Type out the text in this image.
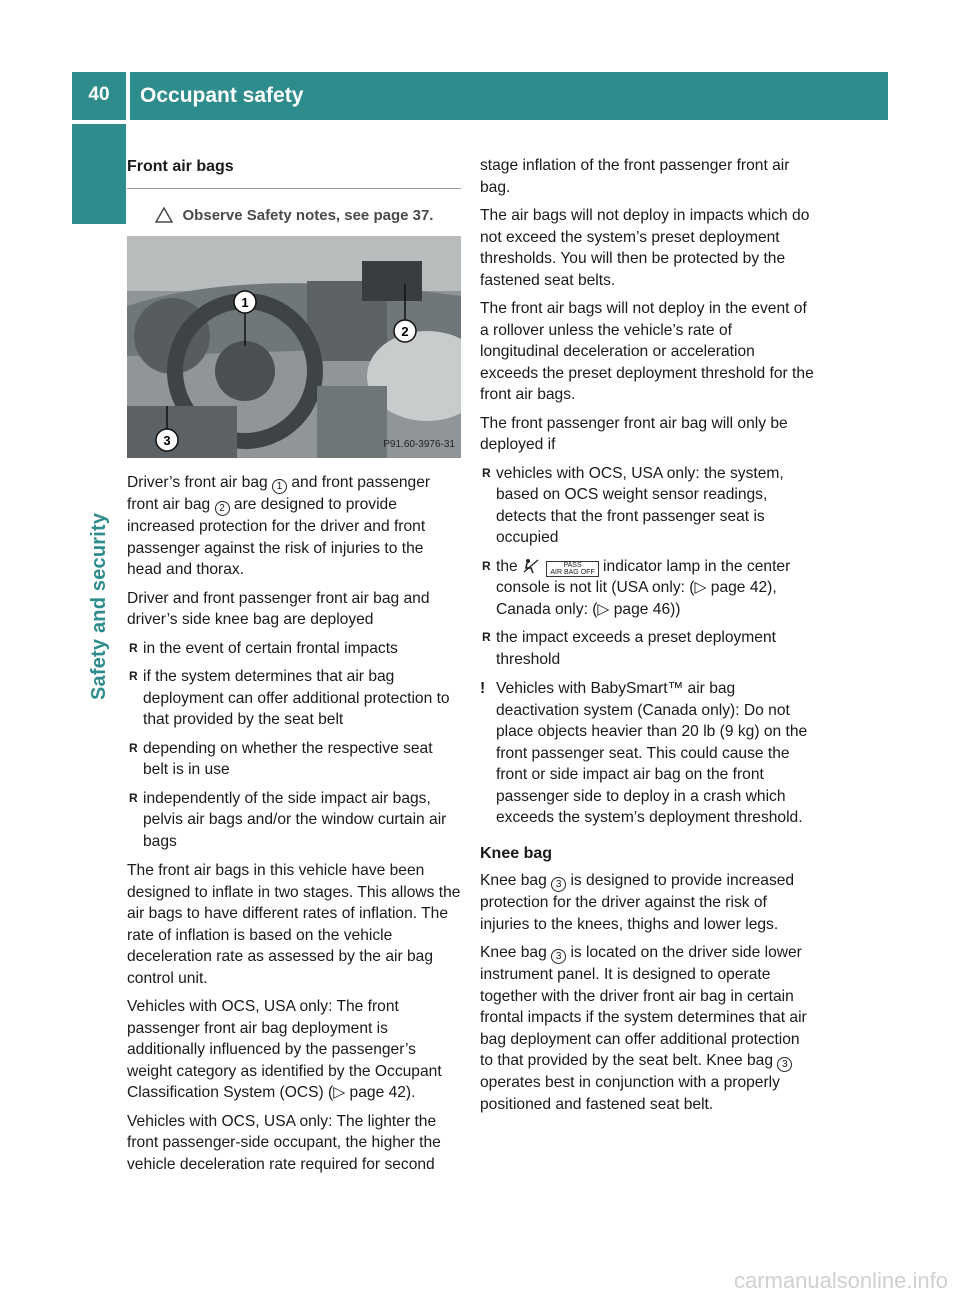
40	Occupant safety
Safety and security
Front air bags
Observe Safety notes, see page 37.
1
2
3	P91.60-3976-31

Driver’s front air bag 1 and front passenger front air bag 2 are designed to provide increased protection for the driver and front passenger against the risk of injuries to the head and thorax.

Driver and front passenger front air bag and driver’s side knee bag are deployed

R in the event of certain frontal impacts
R if the system determines that air bag deployment can offer additional protection to that provided by the seat belt
R depending on whether the respective seat belt is in use
R independently of the side impact air bags, pelvis air bags and/or the window curtain air bags

The front air bags in this vehicle have been designed to inflate in two stages. This allows the air bags to have different rates of inflation. The rate of inflation is based on the vehicle deceleration rate as assessed by the air bag control unit.

Vehicles with OCS, USA only: The front passenger front air bag deployment is additionally influenced by the passenger’s weight category as identified by the Occupant Classification System (OCS) (▷ page 42).

Vehicles with OCS, USA only: The lighter the front passenger-side occupant, the higher the vehicle deceleration rate required for second

stage inflation of the front passenger front air bag.

The air bags will not deploy in impacts which do not exceed the system’s preset deployment thresholds. You will then be protected by the fastened seat belts.

The front air bags will not deploy in the event of a rollover unless the vehicle’s rate of longitudinal deceleration or acceleration exceeds the preset deployment threshold for the front air bags.

The front passenger front air bag will only be deployed if

R vehicles with OCS, USA only: the system, based on OCS weight sensor readings, detects that the front passenger seat is occupied
R the	PASS
AIR BAG OFF indicator lamp in the center console is not lit (USA only: (▷ page 42), Canada only: (▷ page 46))
R the impact exceeds a preset deployment threshold
! Vehicles with BabySmart™ air bag deactivation system (Canada only): Do not place objects heavier than 20 lb (9 kg) on the front passenger seat. This could cause the front or side impact air bag on the front passenger side to deploy in a crash which exceeds the system’s deployment threshold.
Knee bag

Knee bag 3 is designed to provide increased protection for the driver against the risk of injuries to the knees, thighs and lower legs.

Knee bag 3 is located on the driver side lower instrument panel. It is designed to operate together with the driver front air bag in certain frontal impacts if the system determines that air bag deployment can offer additional protection to that provided by the seat belt. Knee bag 3 operates best in conjunction with a properly positioned and fastened seat belt.

carmanualsonline.info
